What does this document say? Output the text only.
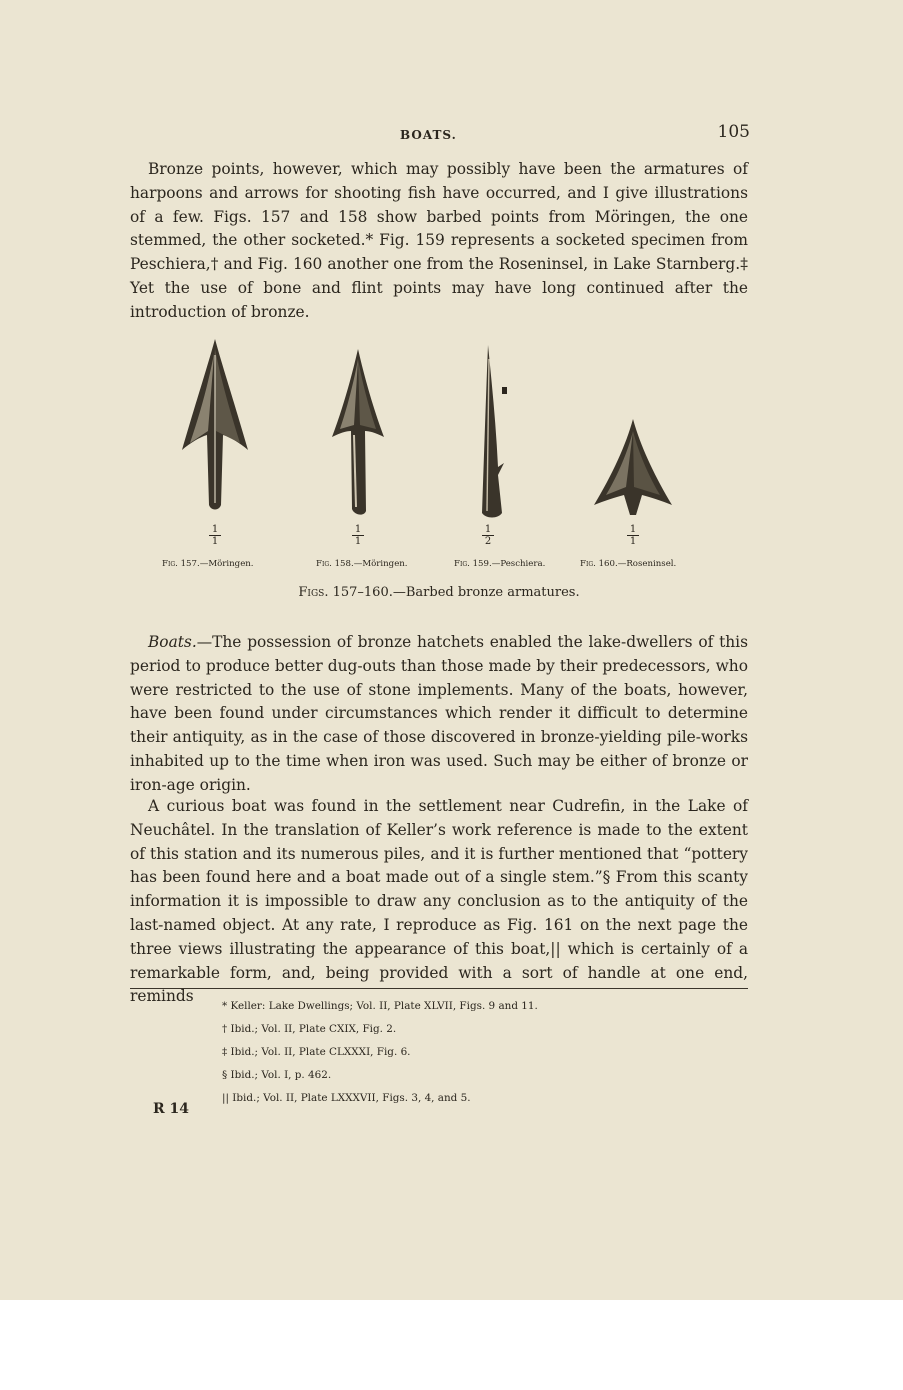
BOATS.	105

Bronze points, however, which may possibly have been the armatures of harpoons and arrows for shooting fish have occurred, and I give illustrations of a few. Figs. 157 and 158 show barbed points from Möringen, the one stemmed, the other socketed.* Fig. 159 represents a socketed specimen from Peschiera,† and Fig. 160 another one from the Roseninsel, in Lake Starnberg.‡ Yet the use of bone and flint points may have long continued after the introduction of bronze.

1
1
Fig. 157.—Möringen.
1
1
Fig. 158.—Möringen.
1
2
Fig. 159.—Peschiera.
1
1
Fig. 160.—Roseninsel.
Figs. 157–160.—Barbed bronze armatures.

Boats.—The possession of bronze hatchets enabled the lake-dwellers of this period to produce better dug-outs than those made by their predecessors, who were restricted to the use of stone implements. Many of the boats, however, have been found under circumstances which render it difficult to determine their antiquity, as in the case of those discovered in bronze-yielding pile-works inhabited up to the time when iron was used. Such may be either of bronze or iron-age origin.

A curious boat was found in the settlement near Cudrefin, in the Lake of Neuchâtel. In the translation of Keller’s work reference is made to the extent of this station and its numerous piles, and it is further mentioned that “pottery has been found here and a boat made out of a single stem.”§ From this scanty information it is impossible to draw any conclusion as to the antiquity of the last-named object. At any rate, I reproduce as Fig. 161 on the next page the three views illustrating the appearance of this boat,|| which is certainly of a remarkable form, and, being provided with a sort of handle at one end, reminds

* Keller: Lake Dwellings; Vol. II, Plate XLVII, Figs. 9 and 11.
† Ibid.; Vol. II, Plate CXIX, Fig. 2.
‡ Ibid.; Vol. II, Plate CLXXXI, Fig. 6.
§ Ibid.; Vol. I, p. 462.
|| Ibid.; Vol. II, Plate LXXXVII, Figs. 3, 4, and 5.
R 14
